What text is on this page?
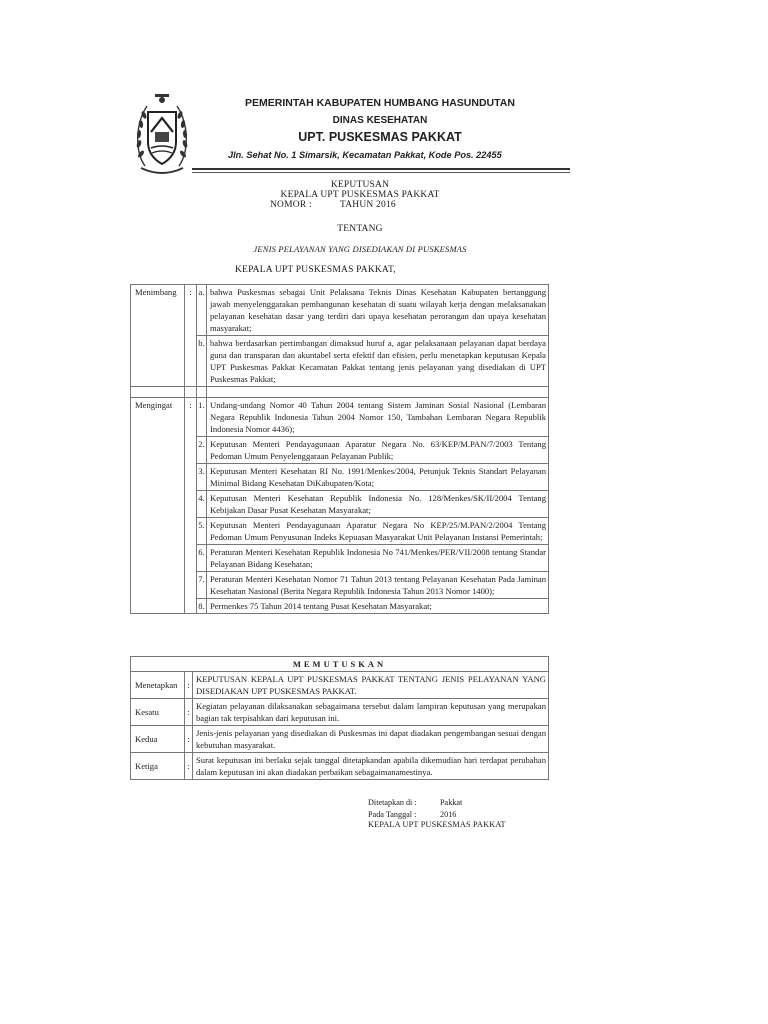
PEMERINTAH KABUPATEN HUMBANG HASUNDUTAN
DINAS KESEHATAN
UPT. PUSKESMAS PAKKAT
Jln. Sehat No. 1 Simarsik, Kecamatan Pakkat, Kode Pos. 22455
KEPUTUSAN
KEPALA UPT PUSKESMAS PAKKAT
NOMOR :	TAHUN 2016
TENTANG
JENIS PELAYANAN YANG DISEDIAKAN DI PUSKESMAS
KEPALA UPT PUSKESMAS PAKKAT,
Menimbang	:	a.	bahwa Puskesmas sebagai Unit Pelaksana Teknis Dinas Kesehatan Kabupaten bertanggung jawab menyelenggarakan pembangunan kesehatan di suatu wilayah kerja dengan melaksanakan pelayanan kesehatan dasar yang terdiri dari upaya kesehatan perorangan dan upaya kesehatan masyarakat;
		b.	bahwa berdasarkan pertimbangan dimaksud huruf a, agar pelaksanaan pelayanan dapat berdaya guna dan transparan dan akuntabel serta efektif dan efisien, perlu menetapkan keputusan Kepala UPT Puskesmas Pakkat Kecamatan Pakkat tentang jenis pelayanan yang disediakan di UPT Puskesmas Pakkat;

Mengingat	:	1.	Undang-undang Nomor 40 Tahun 2004 tentang Sistem Jaminan Sosial Nasional (Lembaran Negara Republik Indonesia Tahun 2004 Nomor 150, Tambahan Lembaran Negara Republik Indonesia Nomor 4436);
		2.	Keputusan Menteri Pendayagunaan Aparatur Negara No. 63/KEP/M.PAN/7/2003 Tentang Pedoman Umum Penyelenggaraan Pelayanan Publik;
		3.	Keputusan Menteri Kesehatan RI No. 1991/Menkes/2004, Petunjuk Teknis Standart Pelayanan Minimal Bidang Kesehatan DiKabupaten/Kota;
		4.	Keputusan Menteri Kesehatan Republik Indonesia No. 128/Menkes/SK/II/2004 Tentang Kebijakan Dasar Pusat Kesehatan Masyarakat;
		5.	Keputusan Menteri Pendayagunaan Aparatur Negara No KEP/25/M.PAN/2/2004 Tentang Pedoman Umum Penyusunan Indeks Kepuasan Masyarakat Unit Pelayanan Instansi Pemerintah;
		6.	Peraturan Menteri Kesehatan Republik Indonesia No 741/Menkes/PER/VII/2008 tentang Standar Pelayanan Bidang Kesehatan;
		7.	Peraturan Menteri Kesehatan Nomor 71 Tahun 2013 tentang Pelayanan Kesehatan Pada Jaminan Kesehatan Nasional (Berita Negara Republik Indonesia Tahun 2013 Nomor 1400);
		8.	Permenkes 75 Tahun 2014 tentang Pusat Kesehatan Masyarakat;
MEMUTUSKAN		
Menetapkan	:	KEPUTUSAN KEPALA UPT PUSKESMAS PAKKAT TENTANG JENIS PELAYANAN YANG DISEDIAKAN UPT PUSKESMAS PAKKAT.
Kesatu	:	Kegiatan pelayanan dilaksanakan sebagaimana tersebut dalam lampiran keputusan yang merupakan bagian tak terpisahkan dari keputusan ini.
Kedua	:	Jenis-jenis pelayanan yang disediakan di Puskesmas ini dapat diadakan pengembangan sesuai dengan kebutuhan masyarakat.
Ketiga	:	Surat keputusan ini berlaku sejak tanggal ditetapkandan apabila dikemudian hari terdapat perubahan dalam keputusan ini akan diadakan perbaikan sebagaimanamestinya.
Ditetapkan di :	Pakkat
Pada Tanggal :	2016
KEPALA UPT PUSKESMAS PAKKAT
